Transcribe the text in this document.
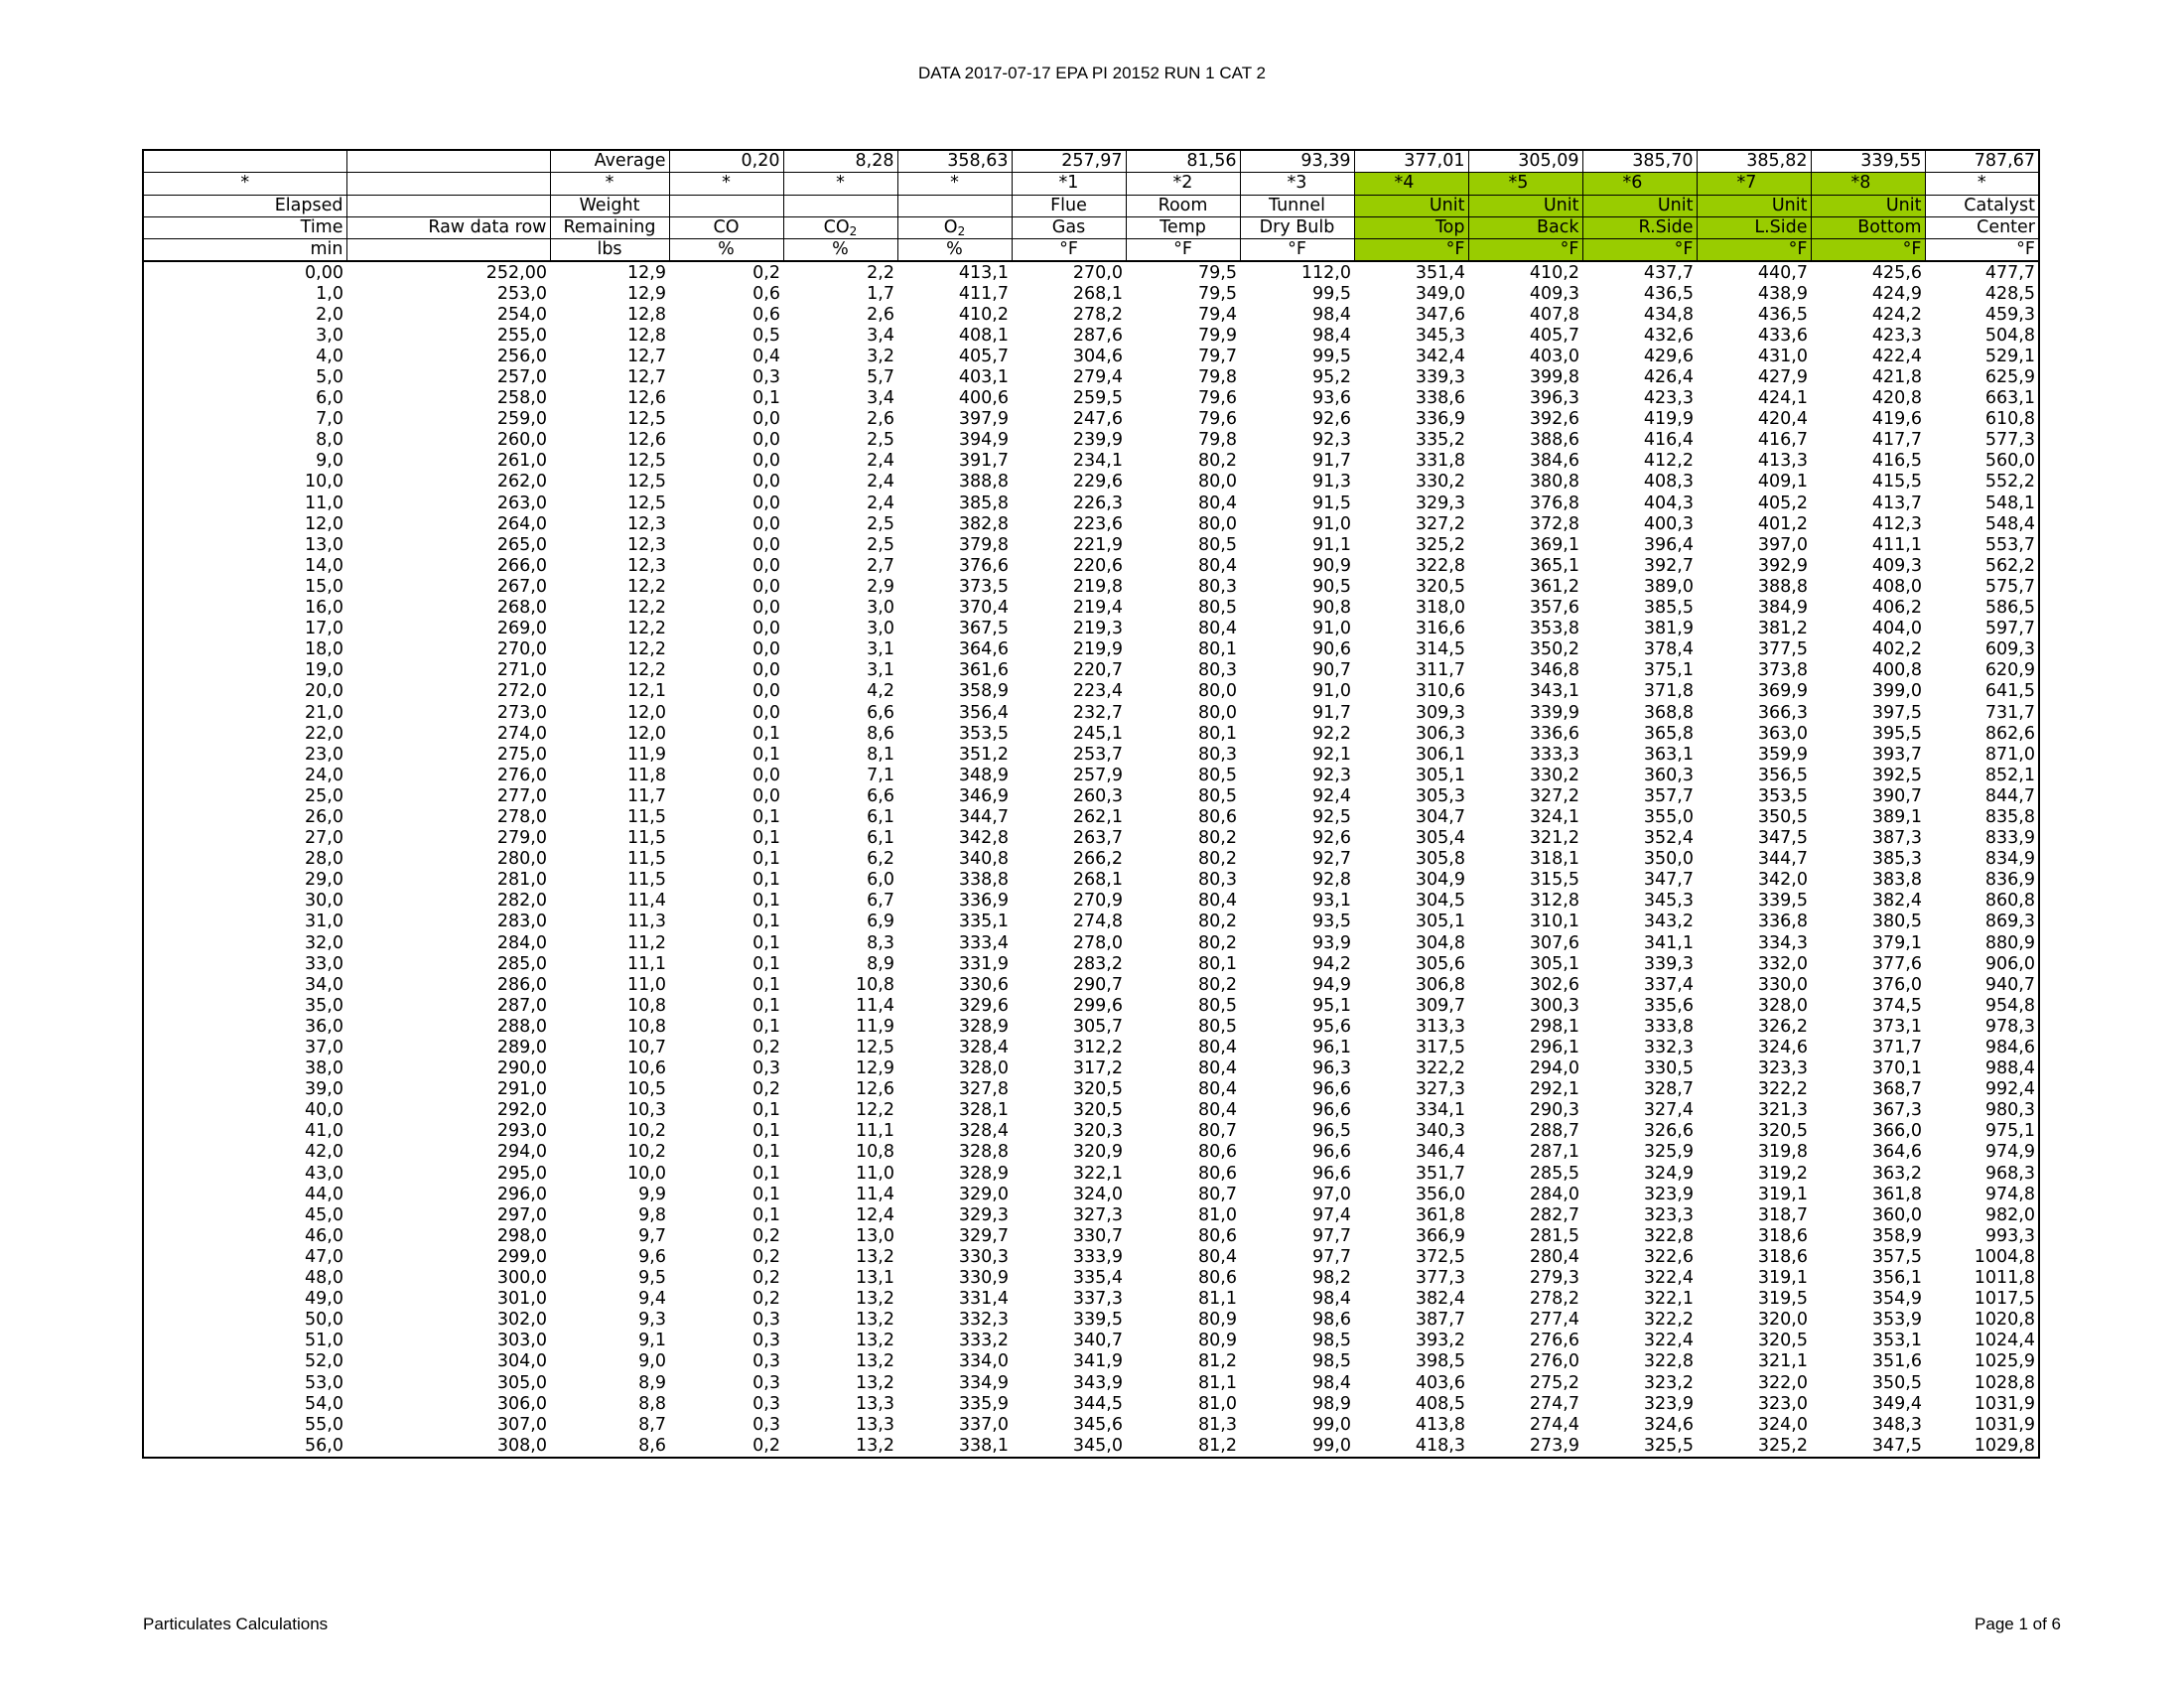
DATA 2017-07-17 EPA PI 20152 RUN 1 CAT 2
		Average	0,20	8,28	358,63	257,97	81,56	93,39	377,01	305,09	385,70	385,82	339,55	787,67
*		*	*	*	*	*1	*2	*3	*4	*5	*6	*7	*8	*
Elapsed		Weight				Flue	Room	Tunnel	Unit	Unit	Unit	Unit	Unit	Catalyst
Time	Raw data row	Remaining	CO	$CO_2$	$O_2$	Gas	Temp	Dry Bulb	Top	Back	R.Side	L.Side	Bottom	Center
min		lbs	%	%	%	°F	°F	°F	°F	°F	°F	°F	°F	°F
0,00	252,00	12,9	0,2	2,2	413,1	270,0	79,5	112,0	351,4	410,2	437,7	440,7	425,6	477,7
1,0	253,0	12,9	0,6	1,7	411,7	268,1	79,5	99,5	349,0	409,3	436,5	438,9	424,9	428,5
2,0	254,0	12,8	0,6	2,6	410,2	278,2	79,4	98,4	347,6	407,8	434,8	436,5	424,2	459,3
3,0	255,0	12,8	0,5	3,4	408,1	287,6	79,9	98,4	345,3	405,7	432,6	433,6	423,3	504,8
4,0	256,0	12,7	0,4	3,2	405,7	304,6	79,7	99,5	342,4	403,0	429,6	431,0	422,4	529,1
5,0	257,0	12,7	0,3	5,7	403,1	279,4	79,8	95,2	339,3	399,8	426,4	427,9	421,8	625,9
6,0	258,0	12,6	0,1	3,4	400,6	259,5	79,6	93,6	338,6	396,3	423,3	424,1	420,8	663,1
7,0	259,0	12,5	0,0	2,6	397,9	247,6	79,6	92,6	336,9	392,6	419,9	420,4	419,6	610,8
8,0	260,0	12,6	0,0	2,5	394,9	239,9	79,8	92,3	335,2	388,6	416,4	416,7	417,7	577,3
9,0	261,0	12,5	0,0	2,4	391,7	234,1	80,2	91,7	331,8	384,6	412,2	413,3	416,5	560,0
10,0	262,0	12,5	0,0	2,4	388,8	229,6	80,0	91,3	330,2	380,8	408,3	409,1	415,5	552,2
11,0	263,0	12,5	0,0	2,4	385,8	226,3	80,4	91,5	329,3	376,8	404,3	405,2	413,7	548,1
12,0	264,0	12,3	0,0	2,5	382,8	223,6	80,0	91,0	327,2	372,8	400,3	401,2	412,3	548,4
13,0	265,0	12,3	0,0	2,5	379,8	221,9	80,5	91,1	325,2	369,1	396,4	397,0	411,1	553,7
14,0	266,0	12,3	0,0	2,7	376,6	220,6	80,4	90,9	322,8	365,1	392,7	392,9	409,3	562,2
15,0	267,0	12,2	0,0	2,9	373,5	219,8	80,3	90,5	320,5	361,2	389,0	388,8	408,0	575,7
16,0	268,0	12,2	0,0	3,0	370,4	219,4	80,5	90,8	318,0	357,6	385,5	384,9	406,2	586,5
17,0	269,0	12,2	0,0	3,0	367,5	219,3	80,4	91,0	316,6	353,8	381,9	381,2	404,0	597,7
18,0	270,0	12,2	0,0	3,1	364,6	219,9	80,1	90,6	314,5	350,2	378,4	377,5	402,2	609,3
19,0	271,0	12,2	0,0	3,1	361,6	220,7	80,3	90,7	311,7	346,8	375,1	373,8	400,8	620,9
20,0	272,0	12,1	0,0	4,2	358,9	223,4	80,0	91,0	310,6	343,1	371,8	369,9	399,0	641,5
21,0	273,0	12,0	0,0	6,6	356,4	232,7	80,0	91,7	309,3	339,9	368,8	366,3	397,5	731,7
22,0	274,0	12,0	0,1	8,6	353,5	245,1	80,1	92,2	306,3	336,6	365,8	363,0	395,5	862,6
23,0	275,0	11,9	0,1	8,1	351,2	253,7	80,3	92,1	306,1	333,3	363,1	359,9	393,7	871,0
24,0	276,0	11,8	0,0	7,1	348,9	257,9	80,5	92,3	305,1	330,2	360,3	356,5	392,5	852,1
25,0	277,0	11,7	0,0	6,6	346,9	260,3	80,5	92,4	305,3	327,2	357,7	353,5	390,7	844,7
26,0	278,0	11,5	0,1	6,1	344,7	262,1	80,6	92,5	304,7	324,1	355,0	350,5	389,1	835,8
27,0	279,0	11,5	0,1	6,1	342,8	263,7	80,2	92,6	305,4	321,2	352,4	347,5	387,3	833,9
28,0	280,0	11,5	0,1	6,2	340,8	266,2	80,2	92,7	305,8	318,1	350,0	344,7	385,3	834,9
29,0	281,0	11,5	0,1	6,0	338,8	268,1	80,3	92,8	304,9	315,5	347,7	342,0	383,8	836,9
30,0	282,0	11,4	0,1	6,7	336,9	270,9	80,4	93,1	304,5	312,8	345,3	339,5	382,4	860,8
31,0	283,0	11,3	0,1	6,9	335,1	274,8	80,2	93,5	305,1	310,1	343,2	336,8	380,5	869,3
32,0	284,0	11,2	0,1	8,3	333,4	278,0	80,2	93,9	304,8	307,6	341,1	334,3	379,1	880,9
33,0	285,0	11,1	0,1	8,9	331,9	283,2	80,1	94,2	305,6	305,1	339,3	332,0	377,6	906,0
34,0	286,0	11,0	0,1	10,8	330,6	290,7	80,2	94,9	306,8	302,6	337,4	330,0	376,0	940,7
35,0	287,0	10,8	0,1	11,4	329,6	299,6	80,5	95,1	309,7	300,3	335,6	328,0	374,5	954,8
36,0	288,0	10,8	0,1	11,9	328,9	305,7	80,5	95,6	313,3	298,1	333,8	326,2	373,1	978,3
37,0	289,0	10,7	0,2	12,5	328,4	312,2	80,4	96,1	317,5	296,1	332,3	324,6	371,7	984,6
38,0	290,0	10,6	0,3	12,9	328,0	317,2	80,4	96,3	322,2	294,0	330,5	323,3	370,1	988,4
39,0	291,0	10,5	0,2	12,6	327,8	320,5	80,4	96,6	327,3	292,1	328,7	322,2	368,7	992,4
40,0	292,0	10,3	0,1	12,2	328,1	320,5	80,4	96,6	334,1	290,3	327,4	321,3	367,3	980,3
41,0	293,0	10,2	0,1	11,1	328,4	320,3	80,7	96,5	340,3	288,7	326,6	320,5	366,0	975,1
42,0	294,0	10,2	0,1	10,8	328,8	320,9	80,6	96,6	346,4	287,1	325,9	319,8	364,6	974,9
43,0	295,0	10,0	0,1	11,0	328,9	322,1	80,6	96,6	351,7	285,5	324,9	319,2	363,2	968,3
44,0	296,0	9,9	0,1	11,4	329,0	324,0	80,7	97,0	356,0	284,0	323,9	319,1	361,8	974,8
45,0	297,0	9,8	0,1	12,4	329,3	327,3	81,0	97,4	361,8	282,7	323,3	318,7	360,0	982,0
46,0	298,0	9,7	0,2	13,0	329,7	330,7	80,6	97,7	366,9	281,5	322,8	318,6	358,9	993,3
47,0	299,0	9,6	0,2	13,2	330,3	333,9	80,4	97,7	372,5	280,4	322,6	318,6	357,5	1004,8
48,0	300,0	9,5	0,2	13,1	330,9	335,4	80,6	98,2	377,3	279,3	322,4	319,1	356,1	1011,8
49,0	301,0	9,4	0,2	13,2	331,4	337,3	81,1	98,4	382,4	278,2	322,1	319,5	354,9	1017,5
50,0	302,0	9,3	0,3	13,2	332,3	339,5	80,9	98,6	387,7	277,4	322,2	320,0	353,9	1020,8
51,0	303,0	9,1	0,3	13,2	333,2	340,7	80,9	98,5	393,2	276,6	322,4	320,5	353,1	1024,4
52,0	304,0	9,0	0,3	13,2	334,0	341,9	81,2	98,5	398,5	276,0	322,8	321,1	351,6	1025,9
53,0	305,0	8,9	0,3	13,2	334,9	343,9	81,1	98,4	403,6	275,2	323,2	322,0	350,5	1028,8
54,0	306,0	8,8	0,3	13,3	335,9	344,5	81,0	98,9	408,5	274,7	323,9	323,0	349,4	1031,9
55,0	307,0	8,7	0,3	13,3	337,0	345,6	81,3	99,0	413,8	274,4	324,6	324,0	348,3	1031,9
56,0	308,0	8,6	0,2	13,2	338,1	345,0	81,2	99,0	418,3	273,9	325,5	325,2	347,5	1029,8
Particulates Calculations	Page 1 of 6
